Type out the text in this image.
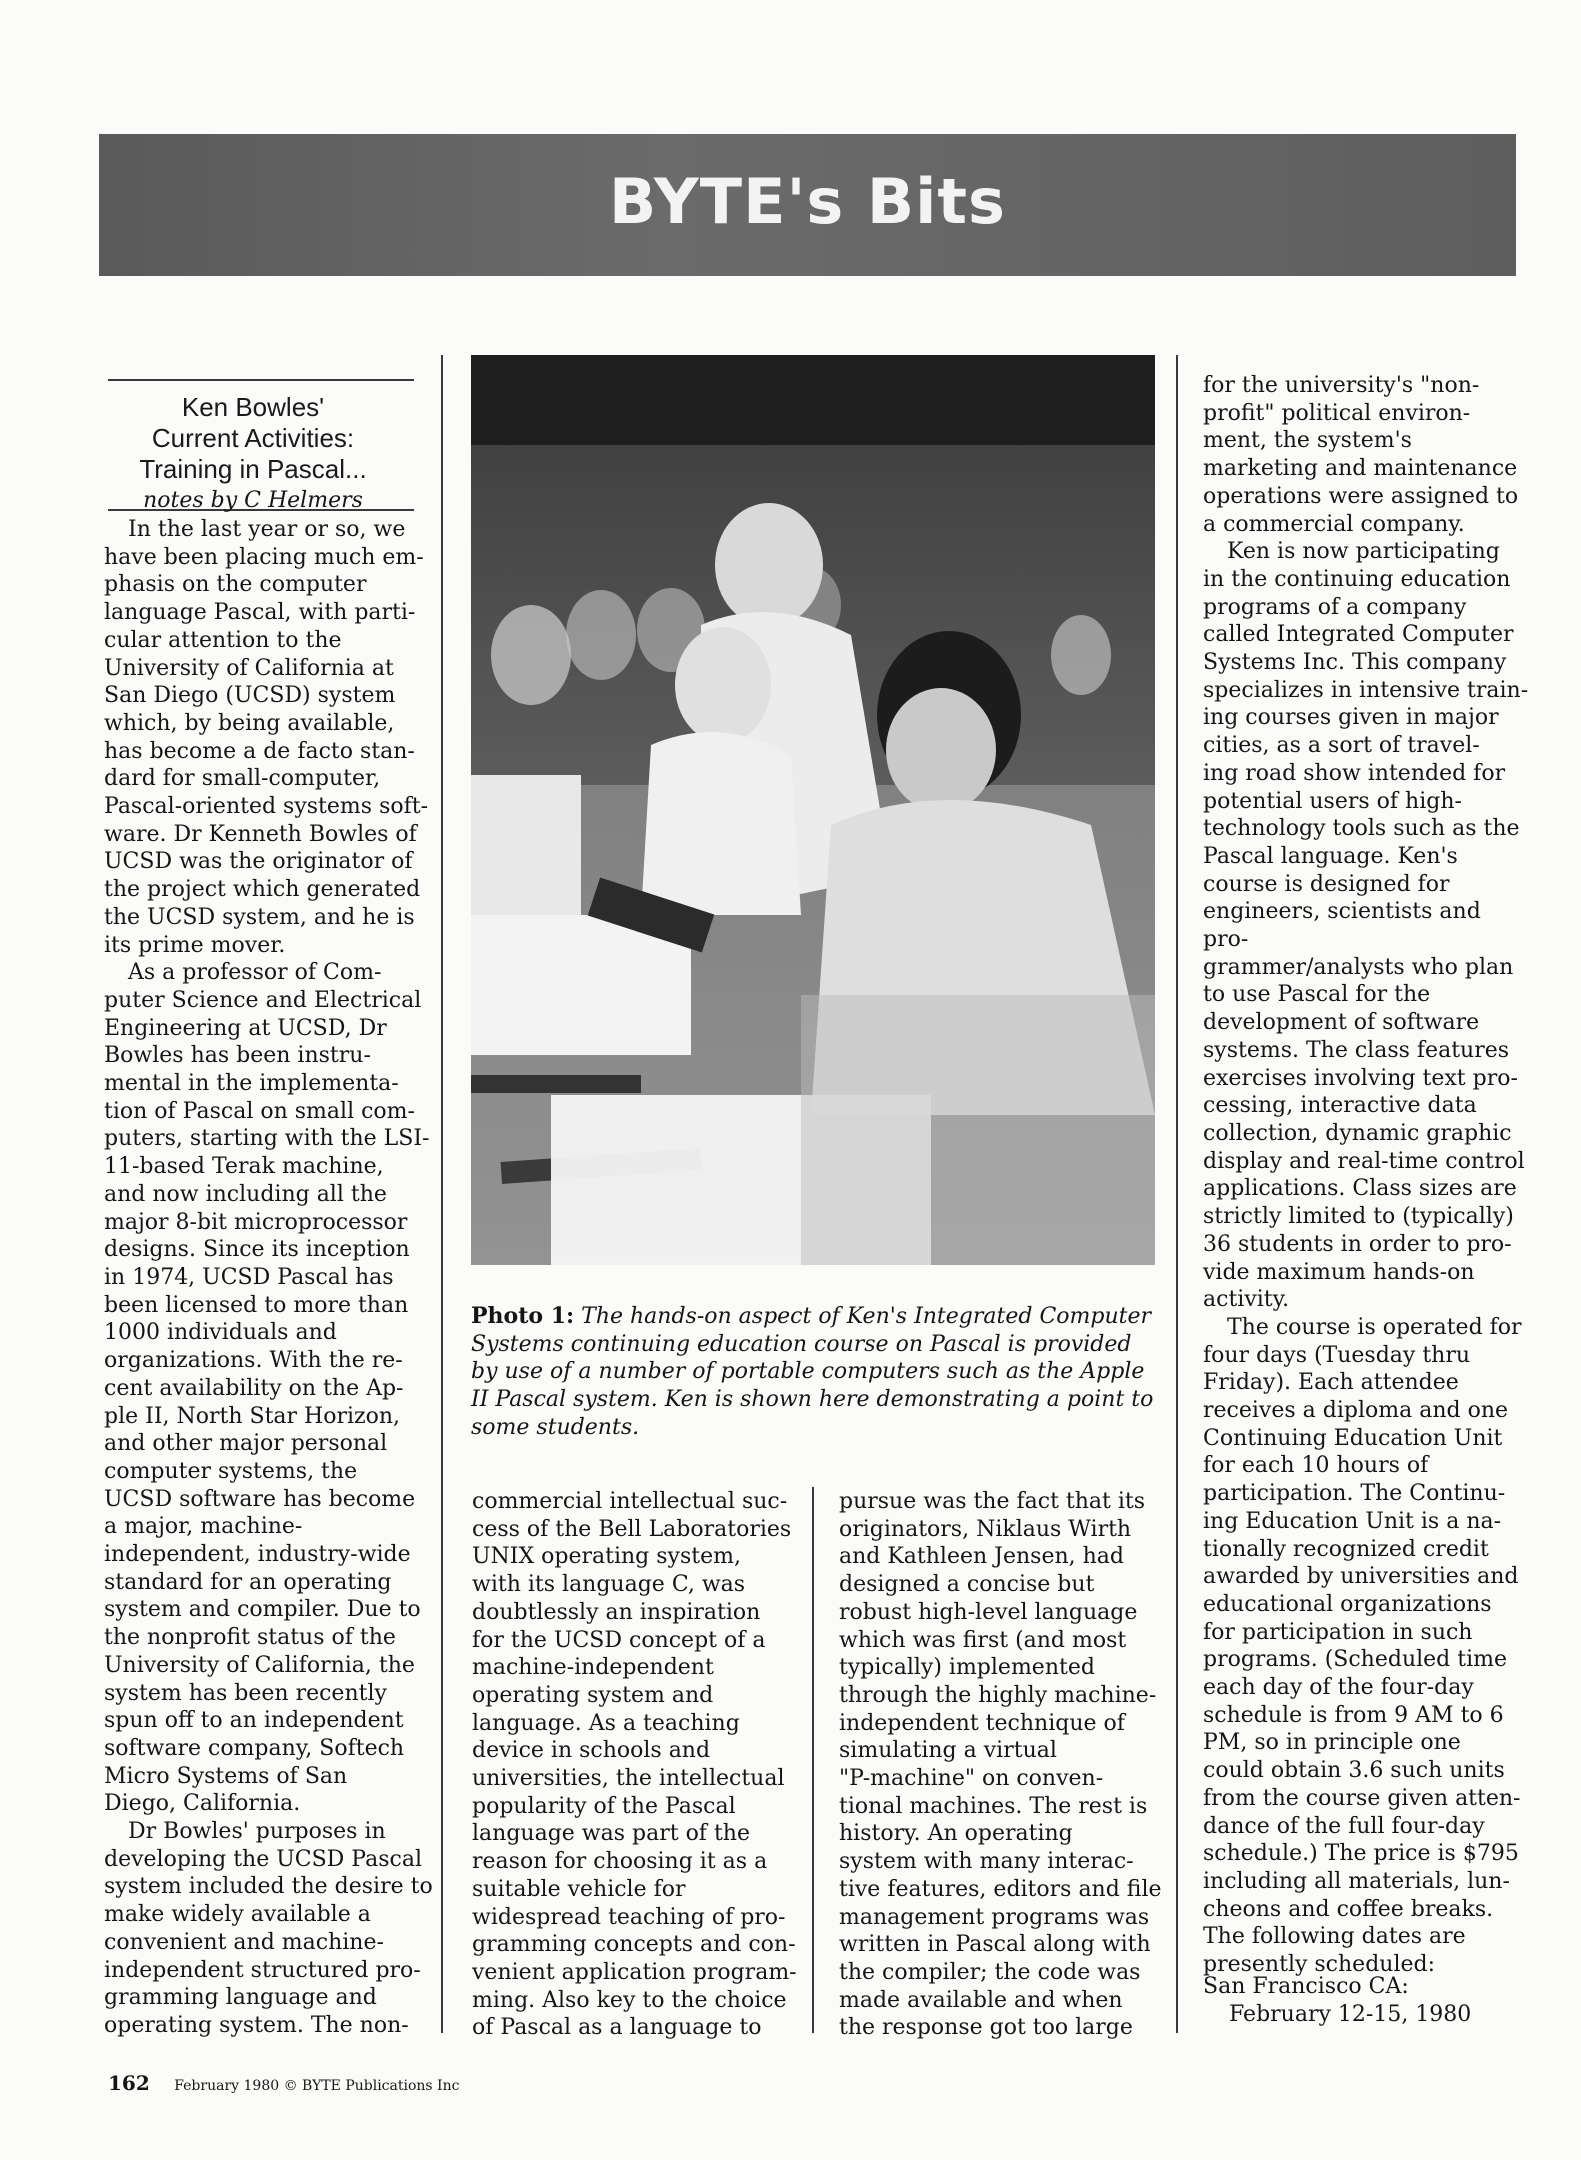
BYTE's Bits
Ken Bowles'
Current Activities:
Training in Pascal...
notes by C Helmers
In the last year or so, we
have been placing much em-
phasis on the computer
language Pascal, with parti-
cular attention to the
University of California at
San Diego (UCSD) system
which, by being available,
has become a de facto stan-
dard for small-computer,
Pascal-oriented systems soft-
ware. Dr Kenneth Bowles of
UCSD was the originator of
the project which generated
the UCSD system, and he is
its prime mover.
As a professor of Com-
puter Science and Electrical
Engineering at UCSD, Dr
Bowles has been instru-
mental in the implementa-
tion of Pascal on small com-
puters, starting with the LSI-
11-based Terak machine,
and now including all the
major 8-bit microprocessor
designs. Since its inception
in 1974, UCSD Pascal has
been licensed to more than
1000 individuals and
organizations. With the re-
cent availability on the Ap-
ple II, North Star Horizon,
and other major personal
computer systems, the
UCSD software has become
a major, machine-
independent, industry-wide
standard for an operating
system and compiler. Due to
the nonprofit status of the
University of California, the
system has been recently
spun off to an independent
software company, Softech
Micro Systems of San
Diego, California.
Dr Bowles' purposes in
developing the UCSD Pascal
system included the desire to
make widely available a
convenient and machine-
independent structured pro-
gramming language and
operating system. The non-
Photo 1: The hands-on aspect of Ken's Integrated Computer Systems continuing education course on Pascal is provided by use of a number of portable computers such as the Apple II Pascal system. Ken is shown here demonstrating a point to some students.
commercial intellectual suc-
cess of the Bell Laboratories
UNIX operating system,
with its language C, was
doubtlessly an inspiration
for the UCSD concept of a
machine-independent
operating system and
language. As a teaching
device in schools and
universities, the intellectual
popularity of the Pascal
language was part of the
reason for choosing it as a
suitable vehicle for
widespread teaching of pro-
gramming concepts and con-
venient application program-
ming. Also key to the choice
of Pascal as a language to
pursue was the fact that its
originators, Niklaus Wirth
and Kathleen Jensen, had
designed a concise but
robust high-level language
which was first (and most
typically) implemented
through the highly machine-
independent technique of
simulating a virtual
"P-machine" on conven-
tional machines. The rest is
history. An operating
system with many interac-
tive features, editors and file
management programs was
written in Pascal along with
the compiler; the code was
made available and when
the response got too large
for the university's "non-
profit" political environ-
ment, the system's
marketing and maintenance
operations were assigned to
a commercial company.
Ken is now participating
in the continuing education
programs of a company
called Integrated Computer
Systems Inc. This company
specializes in intensive train-
ing courses given in major
cities, as a sort of travel-
ing road show intended for
potential users of high-
technology tools such as the
Pascal language. Ken's
course is designed for
engineers, scientists and pro-
grammer/analysts who plan
to use Pascal for the
development of software
systems. The class features
exercises involving text pro-
cessing, interactive data
collection, dynamic graphic
display and real-time control
applications. Class sizes are
strictly limited to (typically)
36 students in order to pro-
vide maximum hands-on
activity.
The course is operated for
four days (Tuesday thru
Friday). Each attendee
receives a diploma and one
Continuing Education Unit
for each 10 hours of
participation. The Continu-
ing Education Unit is a na-
tionally recognized credit
awarded by universities and
educational organizations
for participation in such
programs. (Scheduled time
each day of the four-day
schedule is from 9 AM to 6
PM, so in principle one
could obtain 3.6 such units
from the course given atten-
dance of the full four-day
schedule.) The price is $795
including all materials, lun-
cheons and coffee breaks.
The following dates are
presently scheduled:
San Francisco CA:
February 12-15, 1980
162 February 1980 © BYTE Publications Inc
